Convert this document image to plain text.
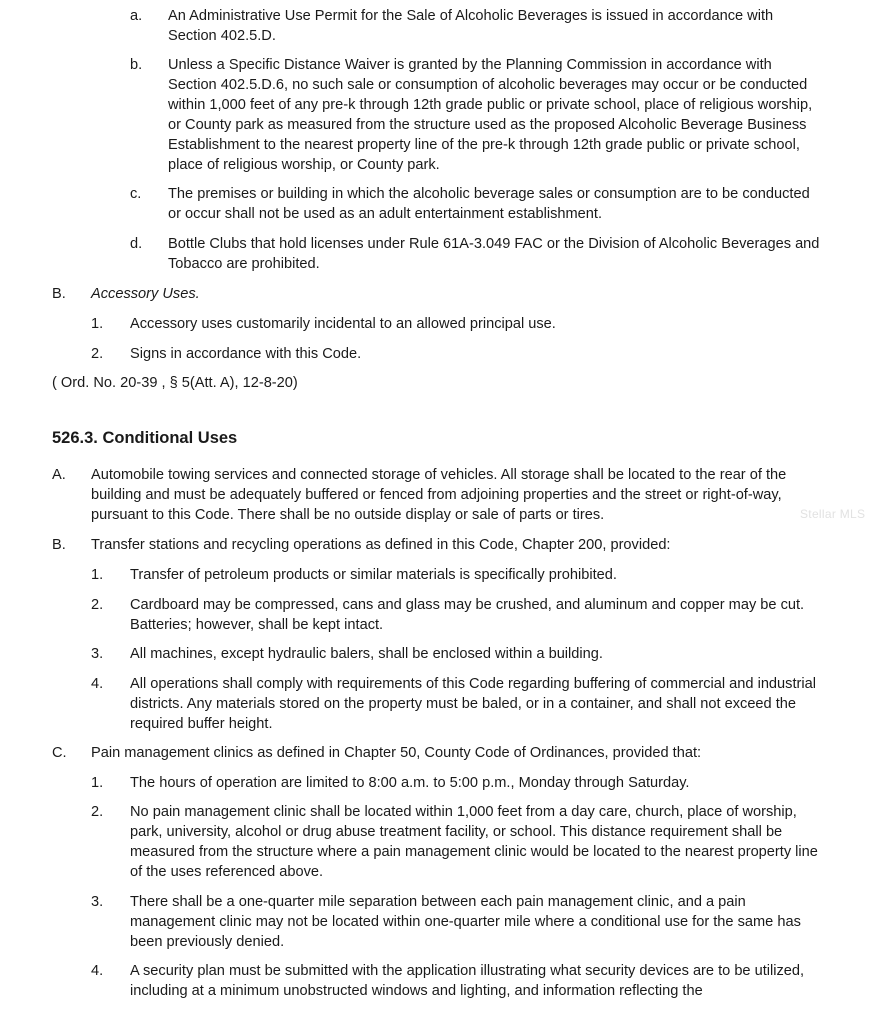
a. An Administrative Use Permit for the Sale of Alcoholic Beverages is issued in accordance with Section 402.5.D.
b. Unless a Specific Distance Waiver is granted by the Planning Commission in accordance with Section 402.5.D.6, no such sale or consumption of alcoholic beverages may occur or be conducted within 1,000 feet of any pre-k through 12th grade public or private school, place of religious worship, or County park as measured from the structure used as the proposed Alcoholic Beverage Business Establishment to the nearest property line of the pre-k through 12th grade public or private school, place of religious worship, or County park.
c. The premises or building in which the alcoholic beverage sales or consumption are to be conducted or occur shall not be used as an adult entertainment establishment.
d. Bottle Clubs that hold licenses under Rule 61A-3.049 FAC or the Division of Alcoholic Beverages and Tobacco are prohibited.
B. Accessory Uses.
1. Accessory uses customarily incidental to an allowed principal use.
2. Signs in accordance with this Code.
( Ord. No. 20-39 , § 5(Att. A), 12-8-20)
526.3. Conditional Uses
A. Automobile towing services and connected storage of vehicles. All storage shall be located to the rear of the building and must be adequately buffered or fenced from adjoining properties and the street or right-of-way, pursuant to this Code. There shall be no outside display or sale of parts or tires.
B. Transfer stations and recycling operations as defined in this Code, Chapter 200, provided:
1. Transfer of petroleum products or similar materials is specifically prohibited.
2. Cardboard may be compressed, cans and glass may be crushed, and aluminum and copper may be cut. Batteries; however, shall be kept intact.
3. All machines, except hydraulic balers, shall be enclosed within a building.
4. All operations shall comply with requirements of this Code regarding buffering of commercial and industrial districts. Any materials stored on the property must be baled, or in a container, and shall not exceed the required buffer height.
C. Pain management clinics as defined in Chapter 50, County Code of Ordinances, provided that:
1. The hours of operation are limited to 8:00 a.m. to 5:00 p.m., Monday through Saturday.
2. No pain management clinic shall be located within 1,000 feet from a day care, church, place of worship, park, university, alcohol or drug abuse treatment facility, or school. This distance requirement shall be measured from the structure where a pain management clinic would be located to the nearest property line of the uses referenced above.
3. There shall be a one-quarter mile separation between each pain management clinic, and a pain management clinic may not be located within one-quarter mile where a conditional use for the same has been previously denied.
4. A security plan must be submitted with the application illustrating what security devices are to be utilized, including at a minimum unobstructed windows and lighting, and information reflecting the
Stellar MLS
